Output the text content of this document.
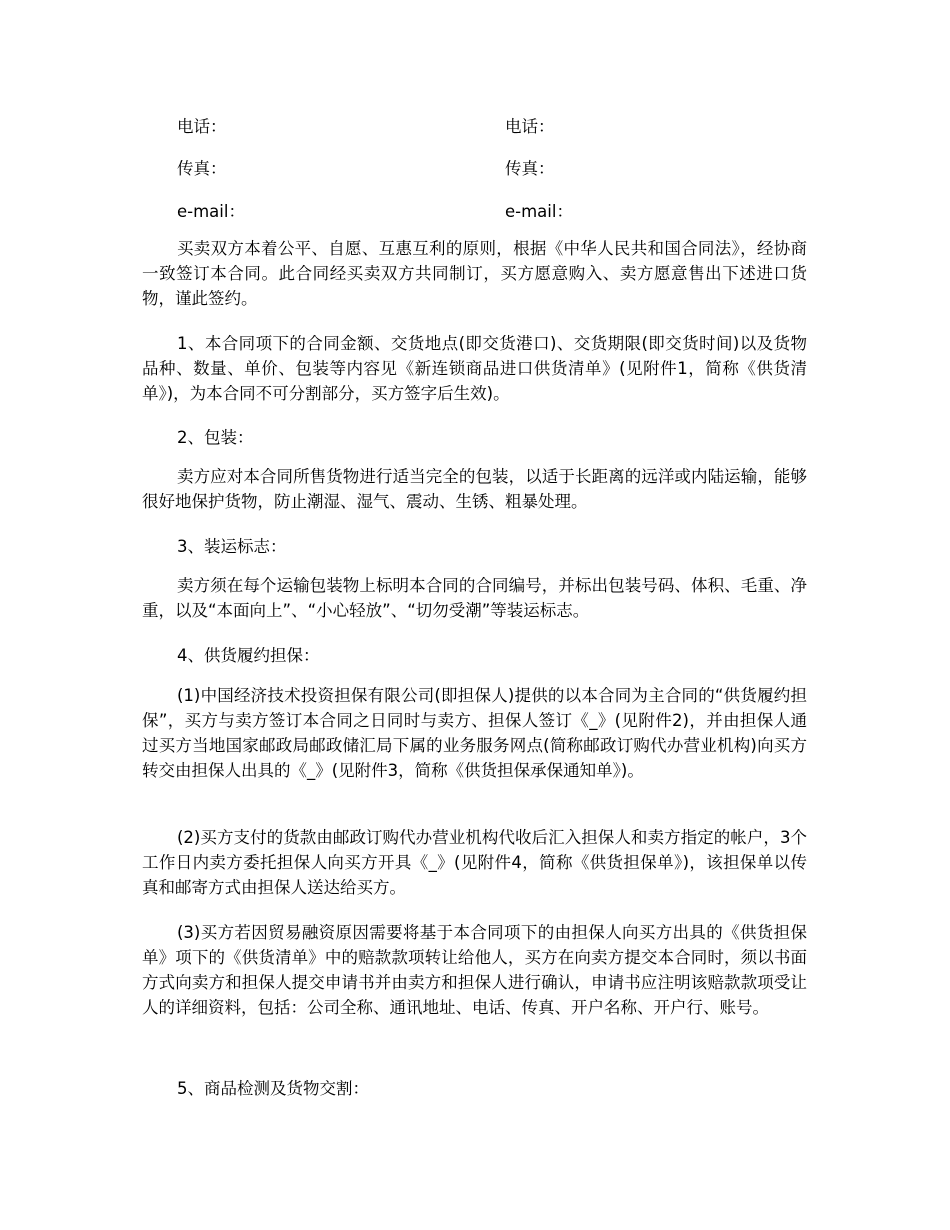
电话：	电话：
传真：	传真：
e-mail：	e-mail：

买卖双方本着公平、自愿、互惠互利的原则，根据《中华人民共和国合同法》，经协商一致签订本合同。此合同经买卖双方共同制订，买方愿意购入、卖方愿意售出下述进口货物，谨此签约。

1、本合同项下的合同金额、交货地点(即交货港口)、交货期限(即交货时间)以及货物品种、数量、单价、包装等内容见《新连锁商品进口供货清单》(见附件1，简称《供货清单》)，为本合同不可分割部分，买方签字后生效)。

2、包装：

卖方应对本合同所售货物进行适当完全的包装，以适于长距离的远洋或内陆运输，能够很好地保护货物，防止潮湿、湿气、震动、生锈、粗暴处理。

3、装运标志：

卖方须在每个运输包装物上标明本合同的合同编号，并标出包装号码、体积、毛重、净重，以及“本面向上”、“小心轻放”、“切勿受潮”等装运标志。

4、供货履约担保：

(1)中国经济技术投资担保有限公司(即担保人)提供的以本合同为主合同的“供货履约担保”，买方与卖方签订本合同之日同时与卖方、担保人签订《_》(见附件2)，并由担保人通过买方当地国家邮政局邮政储汇局下属的业务服务网点(简称邮政订购代办营业机构)向买方转交由担保人出具的《_》(见附件3，简称《供货担保承保通知单》)。

(2)买方支付的货款由邮政订购代办营业机构代收后汇入担保人和卖方指定的帐户，3个工作日内卖方委托担保人向买方开具《_》(见附件4，简称《供货担保单》)，该担保单以传真和邮寄方式由担保人送达给买方。

(3)买方若因贸易融资原因需要将基于本合同项下的由担保人向买方出具的《供货担保单》项下的《供货清单》中的赔款款项转让给他人，买方在向卖方提交本合同时，须以书面方式向卖方和担保人提交申请书并由卖方和担保人进行确认，申请书应注明该赔款款项受让人的详细资料，包括：公司全称、通讯地址、电话、传真、开户名称、开户行、账号。

5、商品检测及货物交割：
